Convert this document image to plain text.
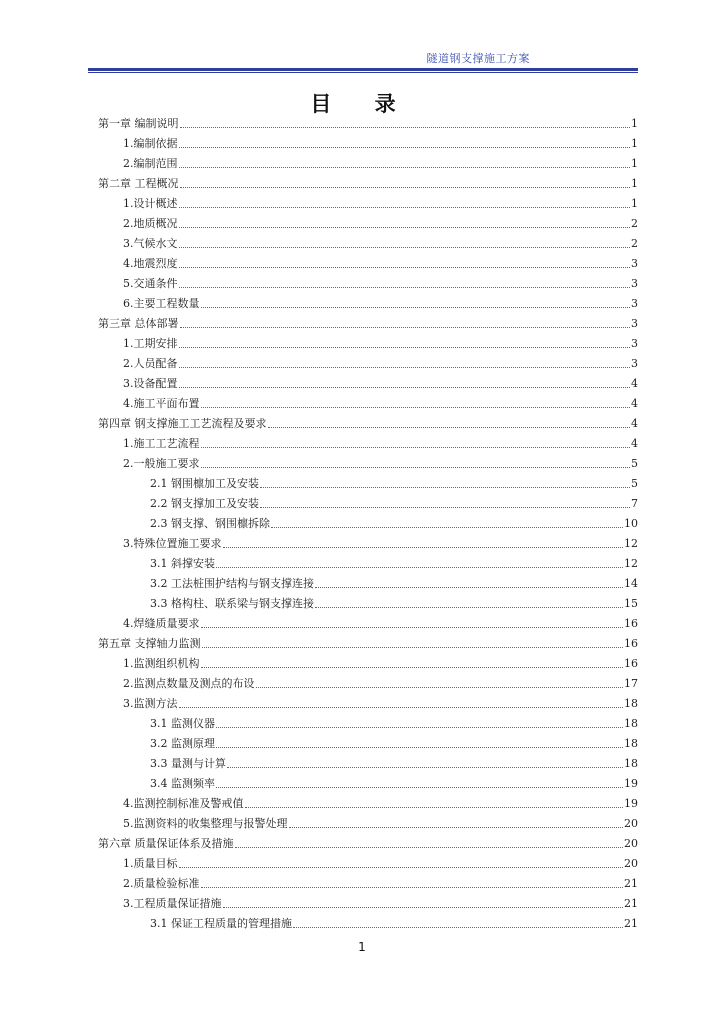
隧道钢支撑施工方案
目 录
第一章 编制说明	1
1.编制依据	1
2.编制范围	1
第二章 工程概况	1
1.设计概述	1
2.地质概况	2
3.气候水文	2
4.地震烈度	3
5.交通条件	3
6.主要工程数量	3
第三章 总体部署	3
1.工期安排	3
2.人员配备	3
3.设备配置	4
4.施工平面布置	4
第四章 钢支撑施工工艺流程及要求	4
1.施工工艺流程	4
2.一般施工要求	5
2.1 钢围檩加工及安装	5
2.2 钢支撑加工及安装	7
2.3 钢支撑、钢围檩拆除	10
3.特殊位置施工要求	12
3.1 斜撑安装	12
3.2 工法桩围护结构与钢支撑连接	14
3.3 格构柱、联系梁与钢支撑连接	15
4.焊缝质量要求	16
第五章 支撑轴力监测	16
1.监测组织机构	16
2.监测点数量及测点的布设	17
3.监测方法	18
3.1 监测仪器	18
3.2 监测原理	18
3.3 量测与计算	18
3.4 监测频率	19
4.监测控制标准及警戒值	19
5.监测资料的收集整理与报警处理	20
第六章 质量保证体系及措施	20
1.质量目标	20
2.质量检验标准	21
3.工程质量保证措施	21
3.1 保证工程质量的管理措施	21
1
